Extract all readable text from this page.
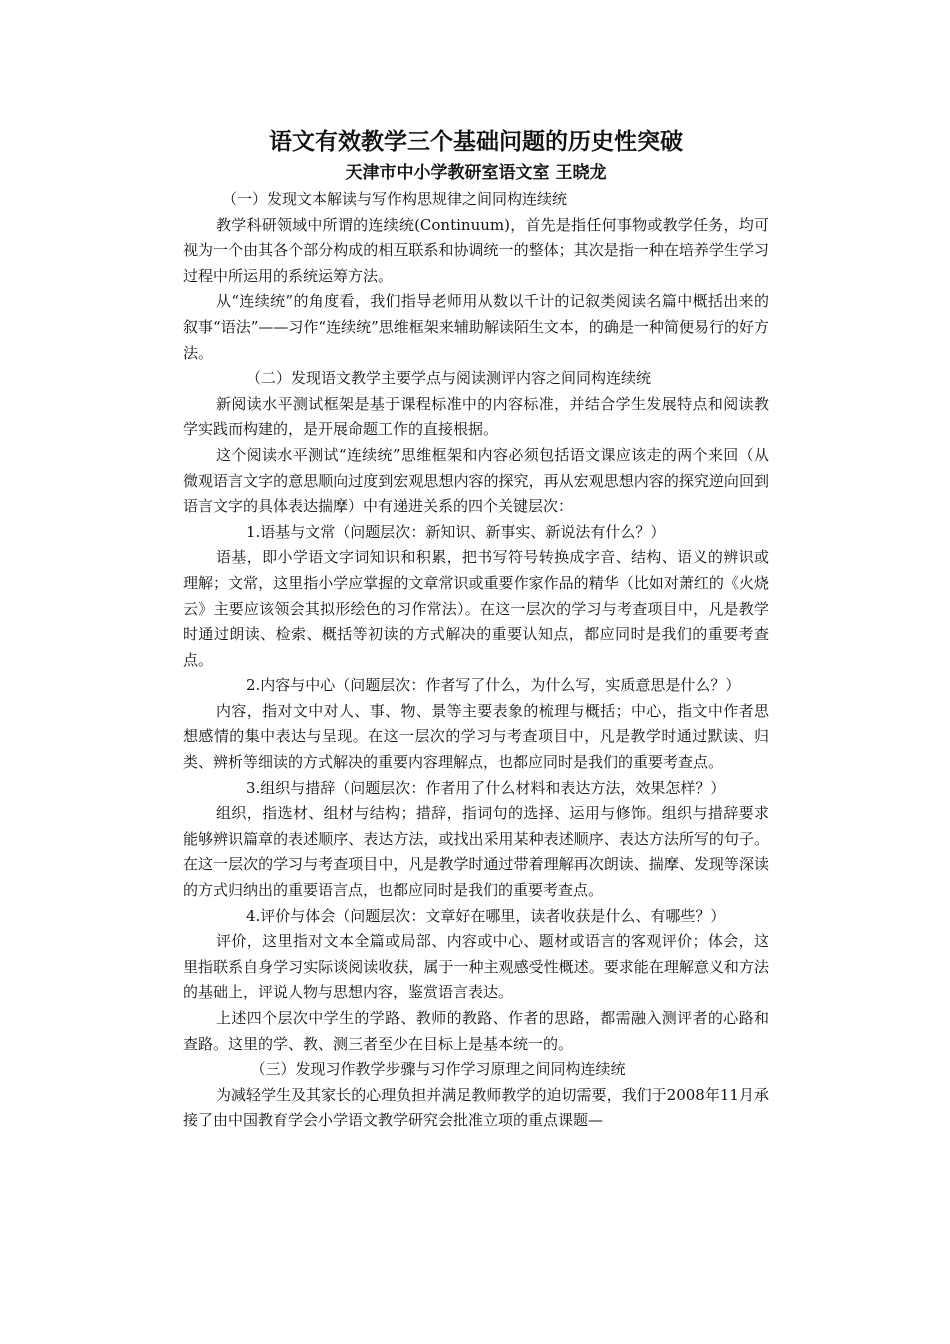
语文有效教学三个基础问题的历史性突破

天津市中小学教研室语文室 王晓龙

（一）发现文本解读与写作构思规律之间同构连续统

教学科研领域中所谓的连续统(Continuum)，首先是指任何事物或教学任务，均可视为一个由其各个部分构成的相互联系和协调统一的整体；其次是指一种在培养学生学习过程中所运用的系统运筹方法。

从“连续统”的角度看，我们指导老师用从数以千计的记叙类阅读名篇中概括出来的叙事“语法”——习作“连续统”思维框架来辅助解读陌生文本，的确是一种简便易行的好方法。

（二）发现语文教学主要学点与阅读测评内容之间同构连续统

新阅读水平测试框架是基于课程标准中的内容标准，并结合学生发展特点和阅读教学实践而构建的，是开展命题工作的直接根据。

这个阅读水平测试“连续统”思维框架和内容必须包括语文课应该走的两个来回（从微观语言文字的意思顺向过度到宏观思想内容的探究，再从宏观思想内容的探究逆向回到语言文字的具体表达揣摩）中有递进关系的四个关键层次：

1.语基与文常（问题层次：新知识、新事实、新说法有什么？）

语基，即小学语文字词知识和积累，把书写符号转换成字音、结构、语义的辨识或理解；文常，这里指小学应掌握的文章常识或重要作家作品的精华（比如对萧红的《火烧云》主要应该领会其拟形绘色的习作常法）。在这一层次的学习与考查项目中，凡是教学时通过朗读、检索、概括等初读的方式解决的重要认知点，都应同时是我们的重要考查点。

2.内容与中心（问题层次：作者写了什么，为什么写，实质意思是什么？）

内容，指对文中对人、事、物、景等主要表象的梳理与概括；中心，指文中作者思想感情的集中表达与呈现。在这一层次的学习与考查项目中，凡是教学时通过默读、归类、辨析等细读的方式解决的重要内容理解点，也都应同时是我们的重要考查点。

3.组织与措辞（问题层次：作者用了什么材料和表达方法，效果怎样？）

组织，指选材、组材与结构；措辞，指词句的选择、运用与修饰。组织与措辞要求能够辨识篇章的表述顺序、表达方法，或找出采用某种表述顺序、表达方法所写的句子。在这一层次的学习与考查项目中，凡是教学时通过带着理解再次朗读、揣摩、发现等深读的方式归纳出的重要语言点，也都应同时是我们的重要考查点。

4.评价与体会（问题层次：文章好在哪里，读者收获是什么、有哪些？）

评价，这里指对文本全篇或局部、内容或中心、题材或语言的客观评价；体会，这里指联系自身学习实际谈阅读收获，属于一种主观感受性概述。要求能在理解意义和方法的基础上，评说人物与思想内容，鉴赏语言表达。

上述四个层次中学生的学路、教师的教路、作者的思路，都需融入测评者的心路和查路。这里的学、教、测三者至少在目标上是基本统一的。

（三）发现习作教学步骤与习作学习原理之间同构连续统

为减轻学生及其家长的心理负担并满足教师教学的迫切需要，我们于2008年11月承接了由中国教育学会小学语文教学研究会批准立项的重点课题—
